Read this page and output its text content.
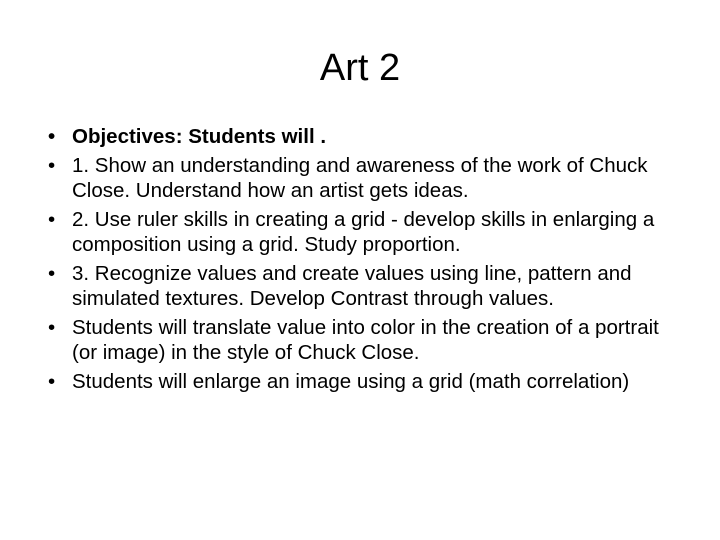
Art 2
• Objectives: Students will .
• 1. Show an understanding and awareness of the work of Chuck Close. Understand how an artist gets ideas.
• 2. Use ruler skills in creating a grid - develop skills in enlarging a composition using a grid. Study proportion.
• 3. Recognize values and create values using line, pattern and simulated textures. Develop Contrast through values.
• Students will translate value into color in the creation of a portrait (or image) in the style of Chuck Close.
• Students will enlarge an image using a grid (math correlation)
